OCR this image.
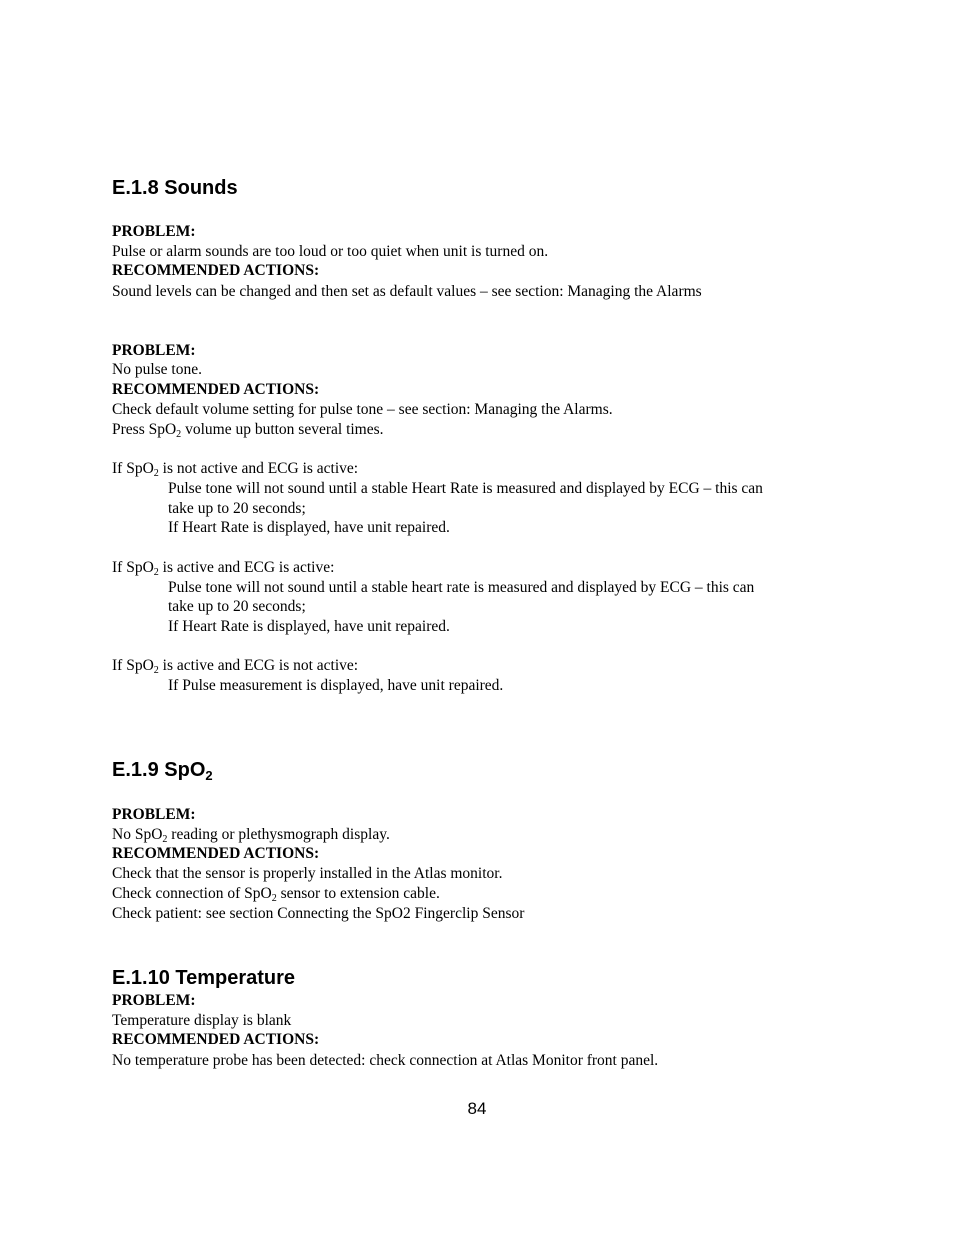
E.1.8 Sounds
PROBLEM:
Pulse or alarm sounds are too loud or too quiet when unit is turned on.
RECOMMENDED ACTIONS:
Sound levels can be changed and then set as default values – see section: Managing the Alarms
PROBLEM:
No pulse tone.
RECOMMENDED ACTIONS:
Check default volume setting for pulse tone – see section: Managing the Alarms.
Press SpO$_2$ volume up button several times.
If SpO$_2$ is not active and ECG is active:
Pulse tone will not sound until a stable Heart Rate is measured and displayed by ECG – this can
take up to 20 seconds;
If Heart Rate is displayed, have unit repaired.
If SpO$_2$ is active and ECG is active:
Pulse tone will not sound until a stable heart rate is measured and displayed by ECG – this can
take up to 20 seconds;
If Heart Rate is displayed, have unit repaired.
If SpO$_2$ is active and ECG is not active:
If Pulse measurement is displayed, have unit repaired.
E.1.9 SpO$_2$
PROBLEM:
No SpO$_2$ reading or plethysmograph display.
RECOMMENDED ACTIONS:
Check that the sensor is properly installed in the Atlas monitor.
Check connection of SpO$_2$ sensor to extension cable.
Check patient: see section Connecting the SpO2 Fingerclip Sensor
E.1.10 Temperature
PROBLEM:
Temperature display is blank
RECOMMENDED ACTIONS:
No temperature probe has been detected: check connection at Atlas Monitor front panel.
84
